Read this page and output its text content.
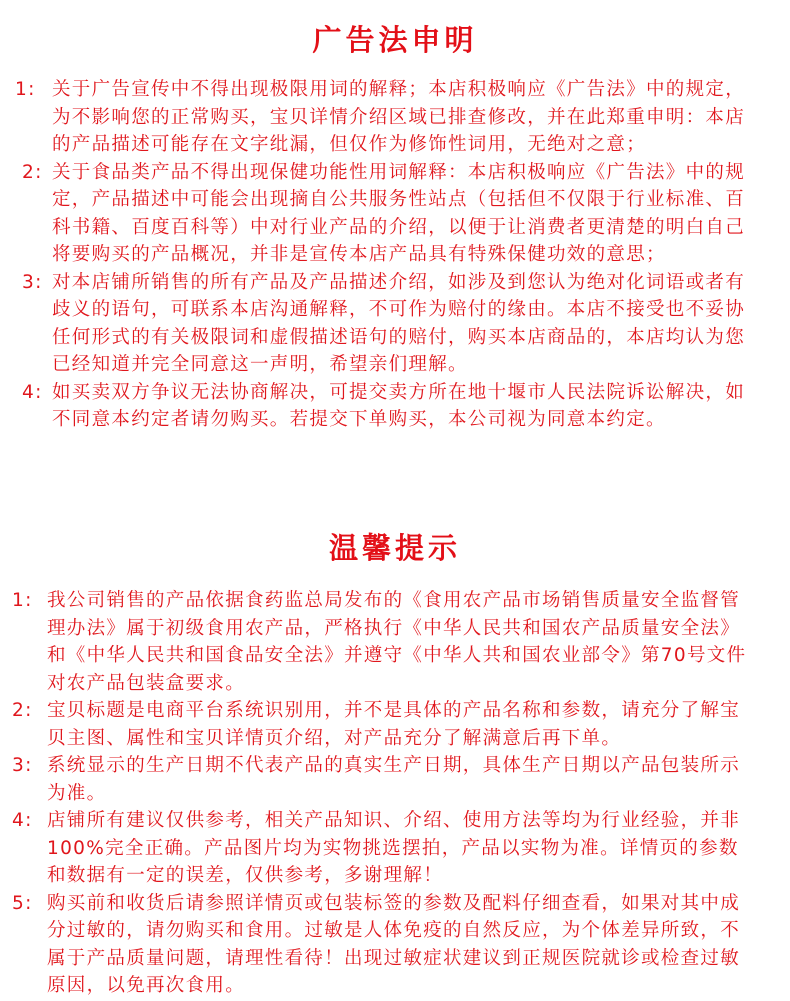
广告法申明
1: 关于广告宣传中不得出现极限用词的解释；本店积极响应《广告法》中的规定，为不影响您的正常购买，宝贝详情介绍区域已排查修改，并在此郑重申明：本店的产品描述可能存在文字纰漏，但仅作为修饰性词用，无绝对之意；
2: 关于食品类产品不得出现保健功能性用词解释：本店积极响应《广告法》中的规定，产品描述中可能会出现摘自公共服务性站点（包括但不仅限于行业标准、百科书籍、百度百科等）中对行业产品的介绍，以便于让消费者更清楚的明白自己将要购买的产品概况，并非是宣传本店产品具有特殊保健功效的意思；
3: 对本店铺所销售的所有产品及产品描述介绍，如涉及到您认为绝对化词语或者有歧义的语句，可联系本店沟通解释，不可作为赔付的缘由。本店不接受也不妥协任何形式的有关极限词和虚假描述语句的赔付，购买本店商品的，本店均认为您已经知道并完全同意这一声明，希望亲们理解。
4: 如买卖双方争议无法协商解决，可提交卖方所在地十堰市人民法院诉讼解决，如不同意本约定者请勿购买。若提交下单购买，本公司视为同意本约定。
温馨提示
1: 我公司销售的产品依据食药监总局发布的《食用农产品市场销售质量安全监督管理办法》属于初级食用农产品，严格执行《中华人民共和国农产品质量安全法》和《中华人民共和国食品安全法》并遵守《中华人共和国农业部令》第70号文件对农产品包装盒要求。
2: 宝贝标题是电商平台系统识别用，并不是具体的产品名称和参数，请充分了解宝贝主图、属性和宝贝详情页介绍，对产品充分了解满意后再下单。
3: 系统显示的生产日期不代表产品的真实生产日期，具体生产日期以产品包装所示为准。
4: 店铺所有建议仅供参考，相关产品知识、介绍、使用方法等均为行业经验，并非100%完全正确。产品图片均为实物挑选摆拍，产品以实物为准。详情页的参数和数据有一定的误差，仅供参考，多谢理解！
5: 购买前和收货后请参照详情页或包装标签的参数及配料仔细查看，如果对其中成分过敏的，请勿购买和食用。过敏是人体免疫的自然反应，为个体差异所致，不属于产品质量问题，请理性看待！出现过敏症状建议到正规医院就诊或检查过敏原因，以免再次食用。
